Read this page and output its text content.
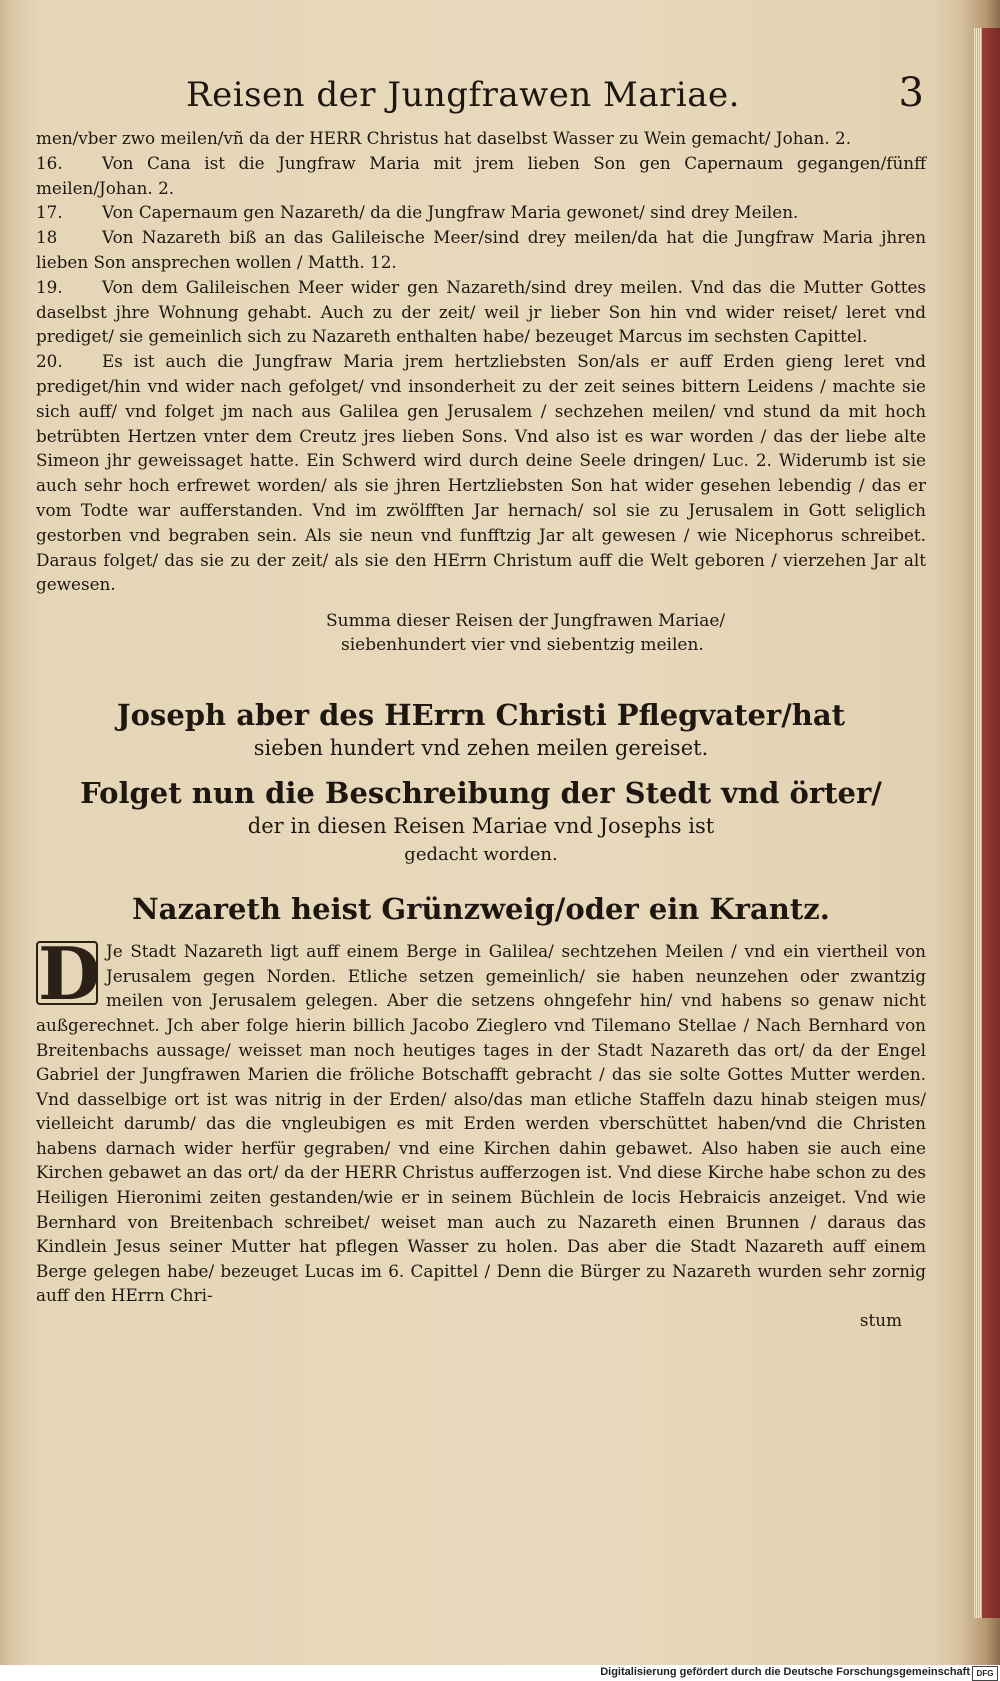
Reisen der Jungfrawen Mariae.	3

men/vber zwo meilen/vñ da der HERR Christus hat daselbst Wasser zu Wein gemacht/ Johan. 2.

16. Von Cana ist die Jungfraw Maria mit jrem lieben Son gen Capernaum gegangen/fünff meilen/Johan. 2.

17. Von Capernaum gen Nazareth/ da die Jungfraw Maria gewonet/ sind drey Meilen.

18	Von Nazareth biß an das Galileische Meer/sind drey meilen/da hat die Jungfraw Maria jhren lieben Son ansprechen wollen / Matth. 12.

19. Von dem Galileischen Meer wider gen Nazareth/sind drey meilen. Vnd das die Mutter Gottes daselbst jhre Wohnung gehabt. Auch zu der zeit/ weil jr lieber Son hin vnd wider reiset/ leret vnd prediget/ sie gemeinlich sich zu Nazareth enthalten habe/ bezeuget Marcus im sechsten Capittel.

20. Es ist auch die Jungfraw Maria jrem hertzliebsten Son/als er auff Erden gieng leret vnd prediget/hin vnd wider nach gefolget/ vnd insonderheit zu der zeit seines bittern Leidens / machte sie sich auff/ vnd folget jm nach aus Galilea gen Jerusalem / sechzehen meilen/ vnd stund da mit hoch betrübten Hertzen vnter dem Creutz jres lieben Sons. Vnd also ist es war worden / das der liebe alte Simeon jhr geweissaget hatte. Ein Schwerd wird durch deine Seele dringen/ Luc. 2. Widerumb ist sie auch sehr hoch erfrewet worden/ als sie jhren Hertzliebsten Son hat wider gesehen lebendig / das er vom Todte war aufferstanden. Vnd im zwölfften Jar hernach/ sol sie zu Jerusalem in Gott seliglich gestorben vnd begraben sein. Als sie neun vnd funfftzig Jar alt gewesen / wie Nicephorus schreibet. Daraus folget/ das sie zu der zeit/ als sie den HErrn Christum auff die Welt geboren / vierzehen Jar alt gewesen.

Summa dieser Reisen der Jungfrawen Mariae/
siebenhundert vier vnd siebentzig meilen.
Joseph aber des HErrn Christi Pflegvater/hat
sieben hundert vnd zehen meilen gereiset.
Folget nun die Beschreibung der Stedt vnd örter/
der in diesen Reisen Mariae vnd Josephs ist
gedacht worden.
Nazareth heist Grünzweig/oder ein Krantz.
D Je Stadt Nazareth ligt auff einem Berge in Galilea/ sechtzehen Meilen / vnd ein viertheil von Jerusalem gegen Norden. Etliche setzen gemeinlich/ sie haben neunzehen oder zwantzig meilen von Jerusalem gelegen. Aber die setzens ohngefehr hin/ vnd habens so genaw nicht außgerechnet. Jch aber folge hierin billich Jacobo Zieglero vnd Tilemano Stellae / Nach Bernhard von Breitenbachs aussage/ weisset man noch heutiges tages in der Stadt Nazareth das ort/ da der Engel Gabriel der Jungfrawen Marien die fröliche Botschafft gebracht / das sie solte Gottes Mutter werden. Vnd dasselbige ort ist was nitrig in der Erden/ also/das man etliche Staffeln dazu hinab steigen mus/ vielleicht darumb/ das die vngleubigen es mit Erden werden vberschüttet haben/vnd die Christen habens darnach wider herfür gegraben/ vnd eine Kirchen dahin gebawet. Also haben sie auch eine Kirchen gebawet an das ort/ da der HERR Christus aufferzogen ist. Vnd diese Kirche habe schon zu des Heiligen Hieronimi zeiten gestanden/wie er in seinem Büchlein de locis Hebraicis anzeiget. Vnd wie Bernhard von Breitenbach schreibet/ weiset man auch zu Nazareth einen Brunnen / daraus das Kindlein Jesus seiner Mutter hat pflegen Wasser zu holen. Das aber die Stadt Nazareth auff einem Berge gelegen habe/ bezeuget Lucas im 6. Capittel / Denn die Bürger zu Nazareth wurden sehr zornig auff den HErrn Chri-
stum
Digitalisierung gefördert durch die Deutsche Forschungsgemeinschaft DFG
